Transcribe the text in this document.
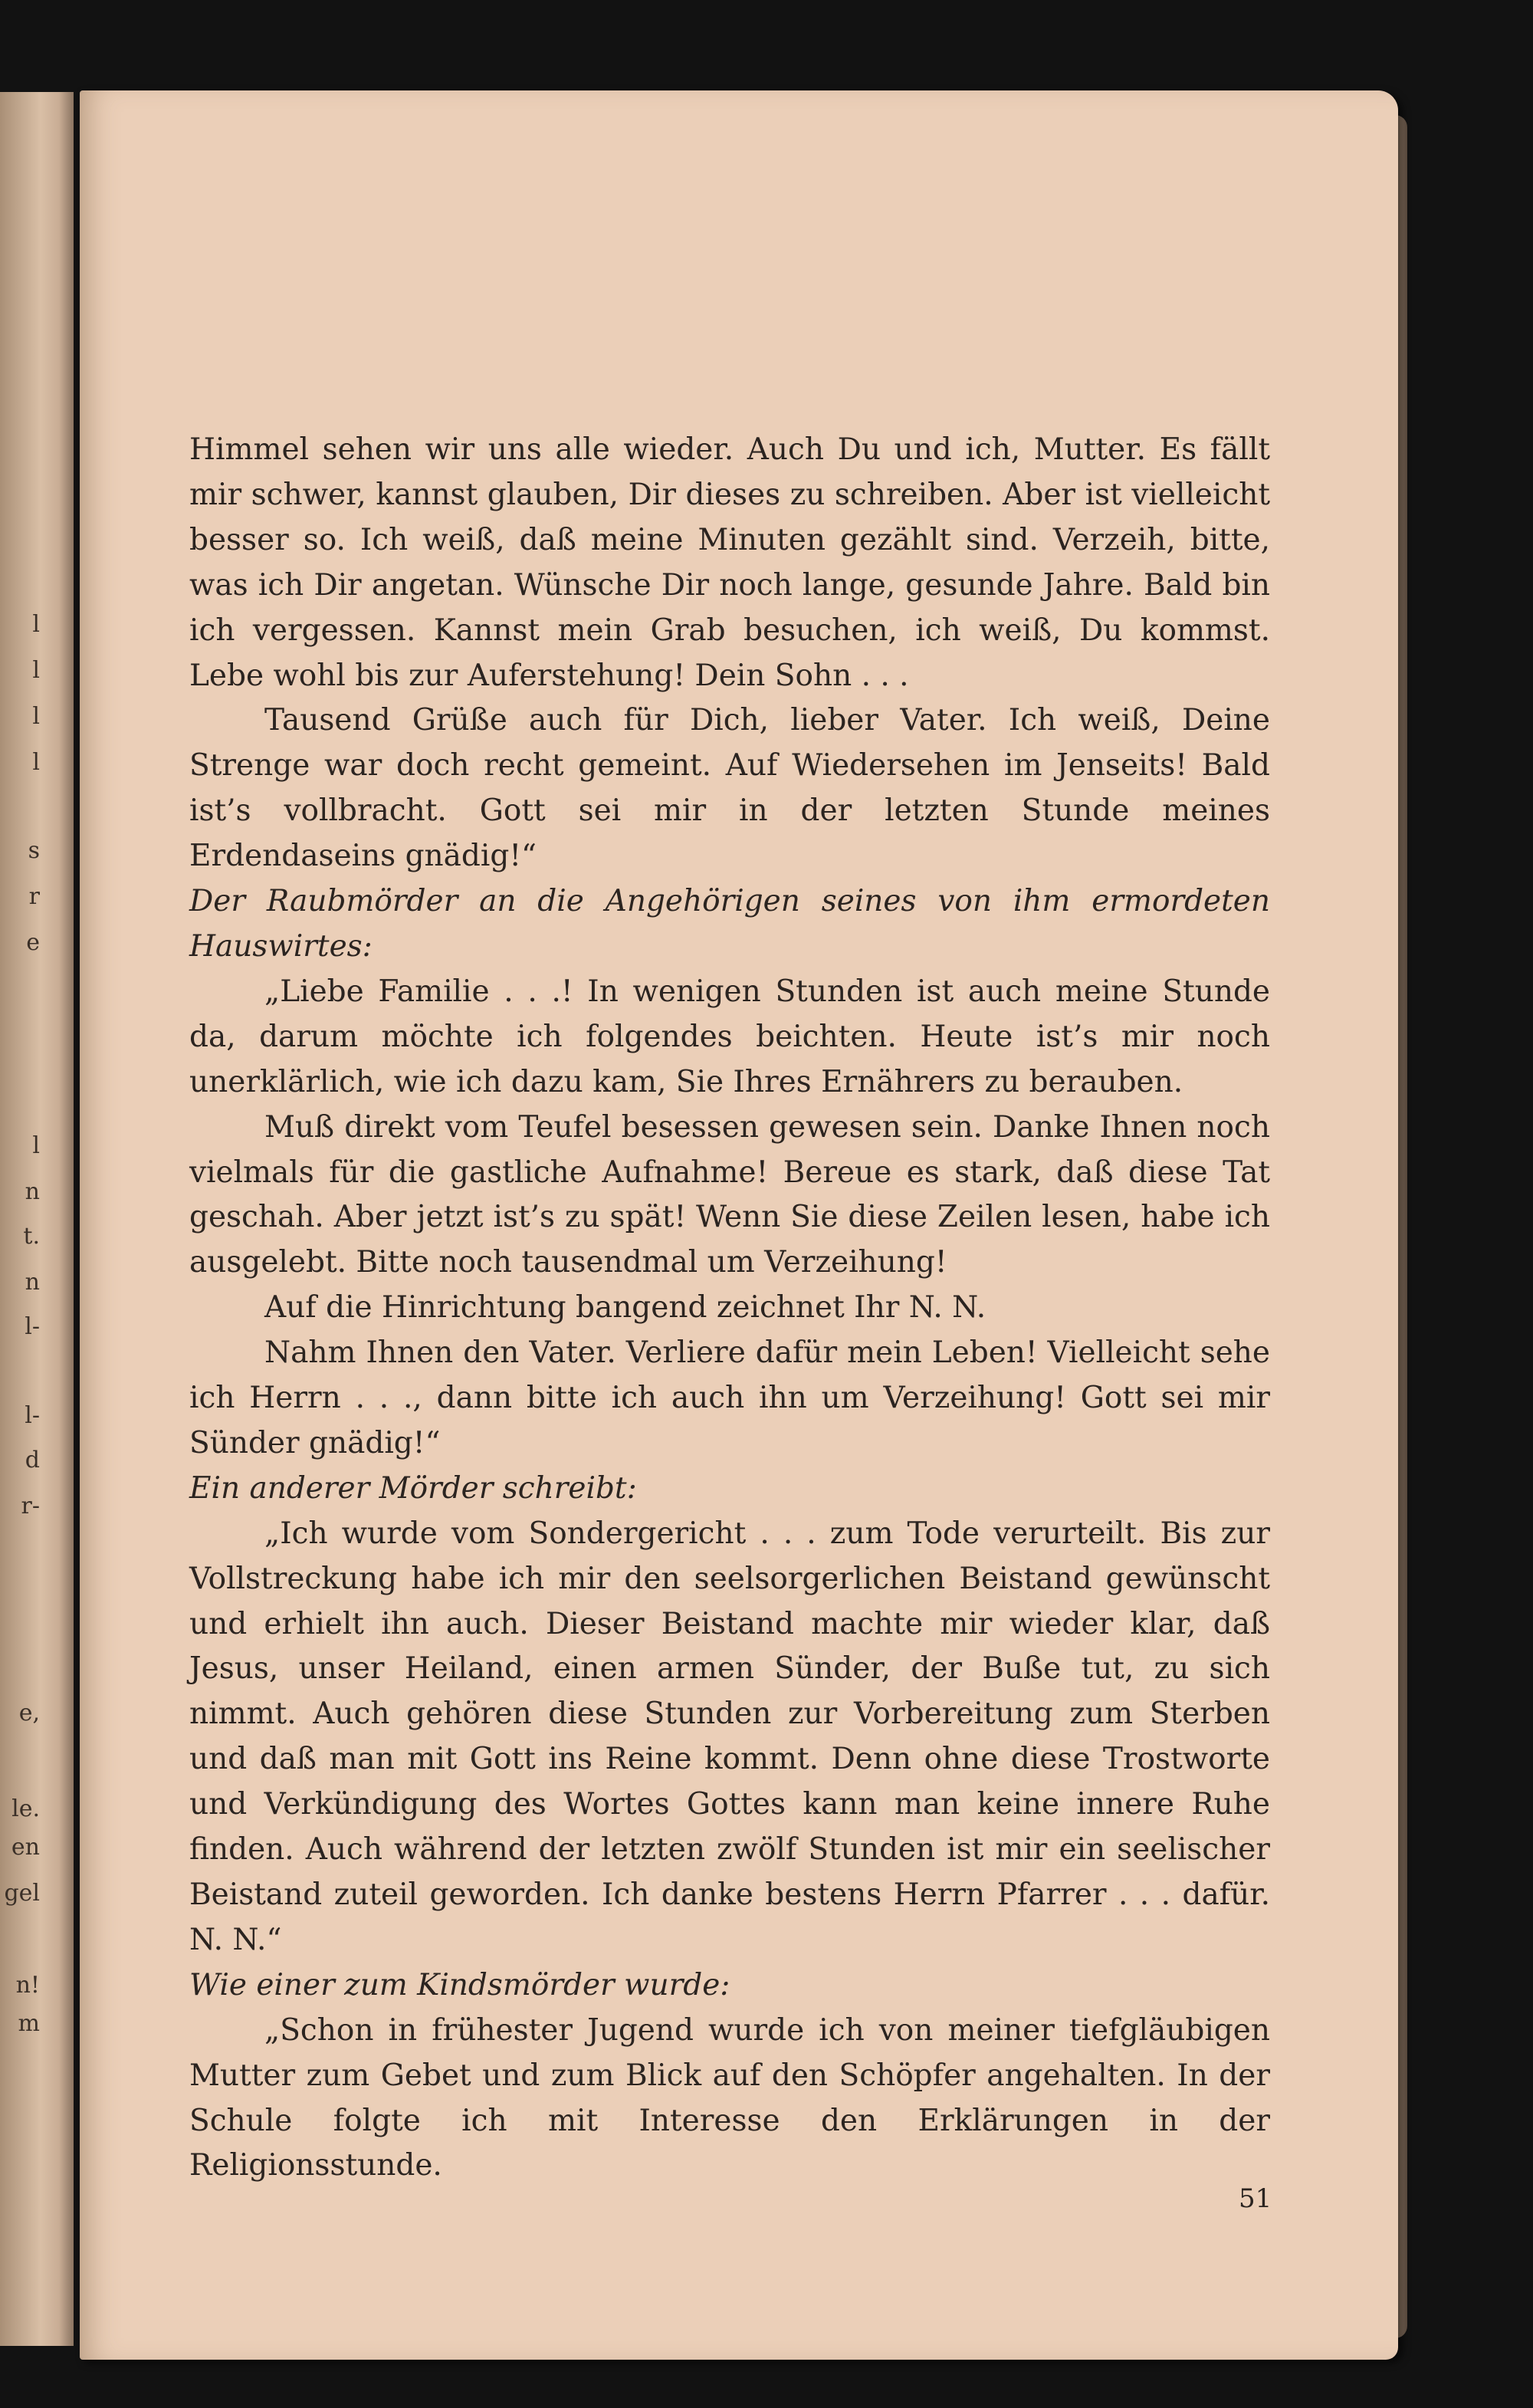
l
l
l
l
s
r
e
l
n
t.
n
l-
l-
d
r-
e,
le.
en
gel
n!
m

Himmel sehen wir uns alle wieder. Auch Du und ich, Mutter. Es fällt mir schwer, kannst glauben, Dir dieses zu schreiben. Aber ist vielleicht besser so. Ich weiß, daß meine Minuten gezählt sind. Verzeih, bitte, was ich Dir angetan. Wünsche Dir noch lange, gesunde Jahre. Bald bin ich vergessen. Kannst mein Grab besuchen, ich weiß, Du kommst. Lebe wohl bis zur Auferstehung! Dein Sohn . . .

Tausend Grüße auch für Dich, lieber Vater. Ich weiß, Deine Strenge war doch recht gemeint. Auf Wiedersehen im Jenseits! Bald ist’s vollbracht. Gott sei mir in der letzten Stunde meines Erdendaseins gnädig!“

Der Raubmörder an die Angehörigen seines von ihm ermordeten Hauswirtes:

„Liebe Familie . . .! In wenigen Stunden ist auch meine Stunde da, darum möchte ich folgendes beichten. Heute ist’s mir noch unerklärlich, wie ich dazu kam, Sie Ihres Ernährers zu berauben.

Muß direkt vom Teufel besessen gewesen sein. Danke Ihnen noch vielmals für die gastliche Aufnahme! Bereue es stark, daß diese Tat geschah. Aber jetzt ist’s zu spät! Wenn Sie diese Zeilen lesen, habe ich ausgelebt. Bitte noch tausendmal um Verzeihung!

Auf die Hinrichtung bangend zeichnet Ihr N. N.

Nahm Ihnen den Vater. Verliere dafür mein Leben! Vielleicht sehe ich Herrn . . ., dann bitte ich auch ihn um Verzeihung! Gott sei mir Sünder gnädig!“

Ein anderer Mörder schreibt:

„Ich wurde vom Sondergericht . . . zum Tode verurteilt. Bis zur Vollstreckung habe ich mir den seelsorgerlichen Beistand gewünscht und erhielt ihn auch. Dieser Beistand machte mir wieder klar, daß Jesus, unser Heiland, einen armen Sünder, der Buße tut, zu sich nimmt. Auch gehören diese Stunden zur Vorbereitung zum Sterben und daß man mit Gott ins Reine kommt. Denn ohne diese Trostworte und Verkündigung des Wortes Gottes kann man keine innere Ruhe finden. Auch während der letzten zwölf Stunden ist mir ein seelischer Beistand zuteil geworden. Ich danke bestens Herrn Pfarrer . . . dafür. N. N.“

Wie einer zum Kindsmörder wurde:

„Schon in frühester Jugend wurde ich von meiner tiefgläubigen Mutter zum Gebet und zum Blick auf den Schöpfer angehalten. In der Schule folgte ich mit Interesse den Erklärungen in der Religionsstunde.

51
